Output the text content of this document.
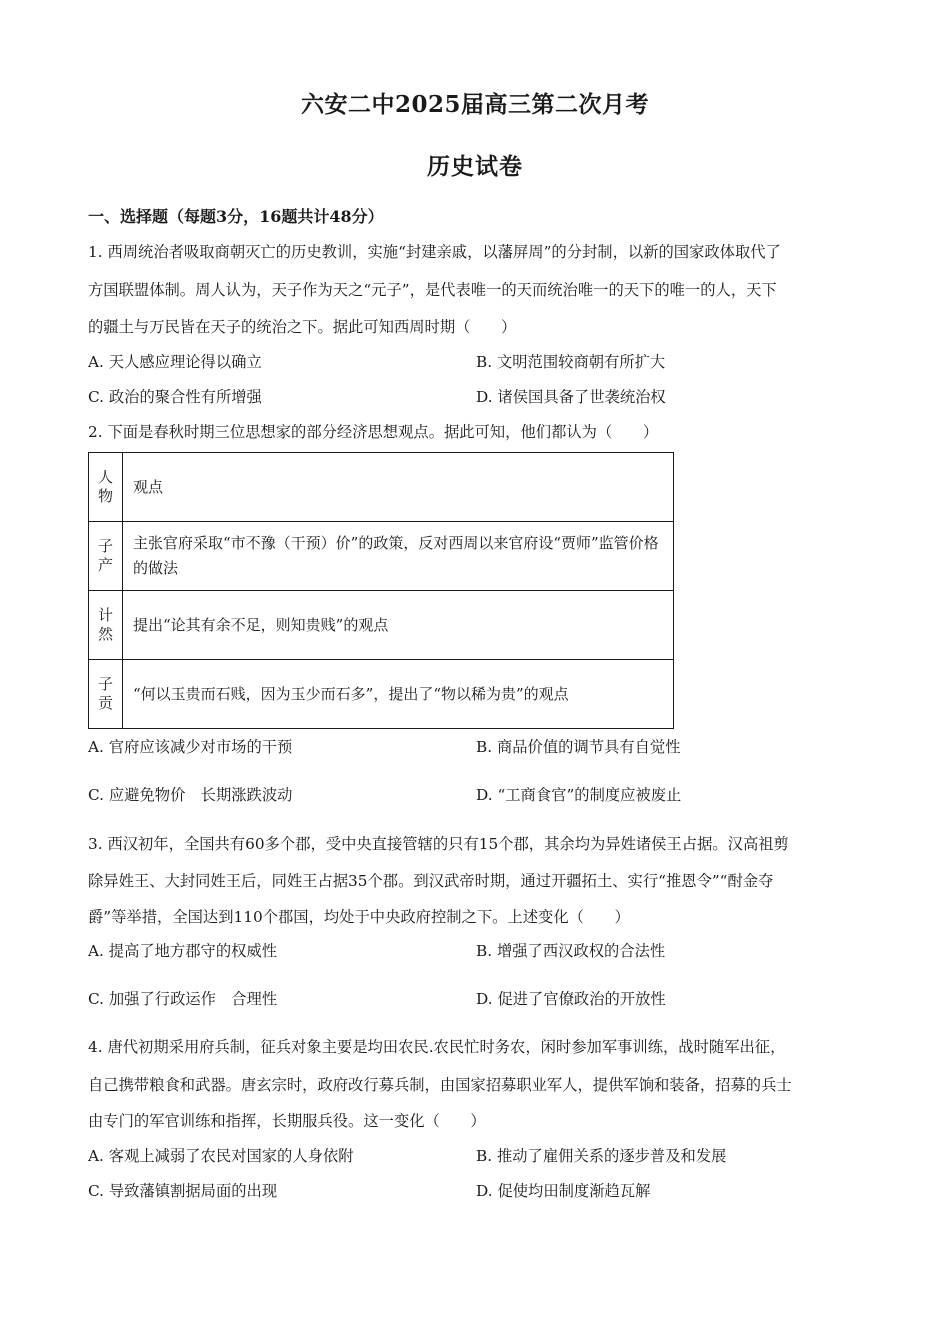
六安二中2025届高三第二次月考
历史试卷
一、选择题（每题3分，16题共计48分）
1. 西周统治者吸取商朝灭亡的历史教训，实施“封建亲戚，以藩屏周”的分封制，以新的国家政体取代了
方国联盟体制。周人认为，天子作为天之“元子”，是代表唯一的天而统治唯一的天下的唯一的人，天下
的疆土与万民皆在天子的统治之下。据此可知西周时期（　　）
A. 天人感应理论得以确立	B. 文明范围较商朝有所扩大
C. 政治的聚合性有所增强	D. 诸侯国具备了世袭统治权
2. 下面是春秋时期三位思想家的部分经济思想观点。据此可知，他们都认为（　　）
人
物	观点

子
产	主张官府采取“市不豫（干预）价”的政策，反对西周以来官府设“贾师”监管价格的做法

计
然	提出“论其有余不足，则知贵贱”的观点

子
贡	“何以玉贵而石贱，因为玉少而石多”，提出了“物以稀为贵”的观点
A. 官府应该减少对市场的干预	B. 商品价值的调节具有自觉性
C. 应避免物价　长期涨跌波动	D. “工商食官”的制度应被废止
3. 西汉初年，全国共有60多个郡，受中央直接管辖的只有15个郡，其余均为异姓诸侯王占据。汉高祖剪
除异姓王、大封同姓王后，同姓王占据35个郡。到汉武帝时期，通过开疆拓土、实行“推恩令”“酎金夺
爵”等举措，全国达到110个郡国，均处于中央政府控制之下。上述变化（　　）
A. 提高了地方郡守的权威性	B. 增强了西汉政权的合法性
C. 加强了行政运作　合理性	D. 促进了官僚政治的开放性
4. 唐代初期采用府兵制，征兵对象主要是均田农民.农民忙时务农，闲时参加军事训练，战时随军出征，
自己携带粮食和武器。唐玄宗时，政府改行募兵制，由国家招募职业军人，提供军饷和装备，招募的兵士
由专门的军官训练和指挥，长期服兵役。这一变化（　　）
A. 客观上减弱了农民对国家的人身依附	B. 推动了雇佣关系的逐步普及和发展
C. 导致藩镇割据局面的出现	D. 促使均田制度渐趋瓦解
